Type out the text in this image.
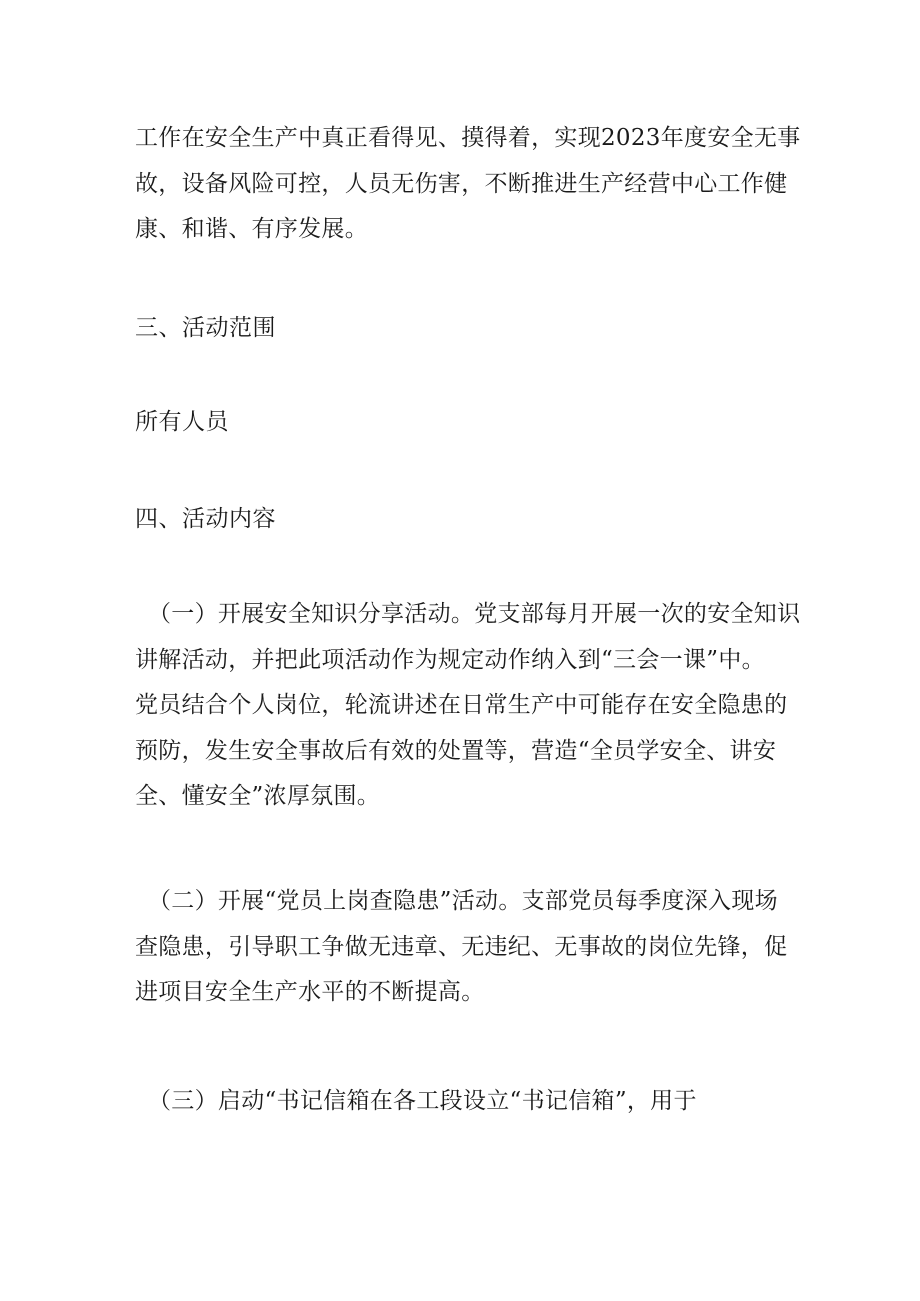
工作在安全生产中真正看得见、摸得着，实现2023年度安全无事
故，设备风险可控，人员无伤害，不断推进生产经营中心工作健
康、和谐、有序发展。
三、活动范围
所有人员
四、活动内容
（一）开展安全知识分享活动。党支部每月开展一次的安全知识
讲解活动，并把此项活动作为规定动作纳入到“三会一课”中。
党员结合个人岗位，轮流讲述在日常生产中可能存在安全隐患的
预防，发生安全事故后有效的处置等，营造“全员学安全、讲安
全、懂安全”浓厚氛围。
（二）开展“党员上岗查隐患”活动。支部党员每季度深入现场
查隐患，引导职工争做无违章、无违纪、无事故的岗位先锋，促
进项目安全生产水平的不断提高。
（三）启动“书记信箱在各工段设立“书记信箱”，用于
